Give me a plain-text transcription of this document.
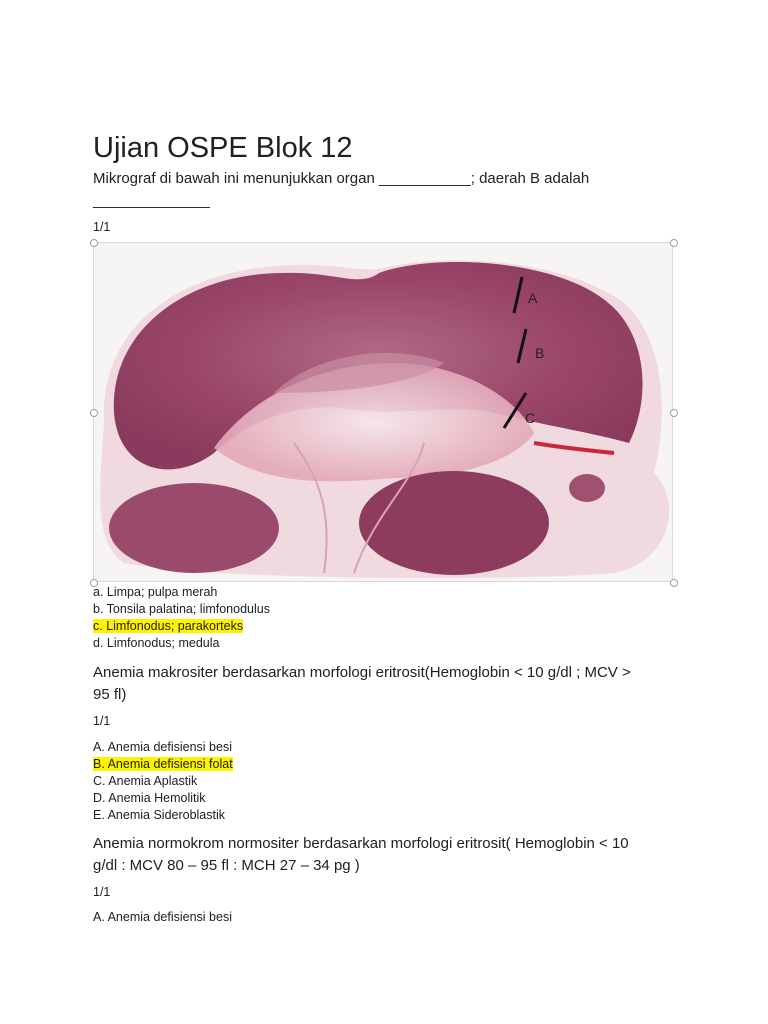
Ujian OSPE Blok 12

Mikrograf di bawah ini menunjukkan organ ___________; daerah B adalah
______________

1/1
A
B
C
a. Limpa; pulpa merah
b. Tonsila palatina; limfonodulus
c. Limfonodus; parakorteks
d. Limfonodus; medula

Anemia makrositer berdasarkan morfologi eritrosit(Hemoglobin < 10 g/dl ; MCV >
95 fl)

1/1
A. Anemia defisiensi besi
B. Anemia defisiensi folat
C. Anemia Aplastik
D. Anemia Hemolitik
E. Anemia Sideroblastik

Anemia normokrom normositer berdasarkan morfologi eritrosit( Hemoglobin < 10
g/dl : MCV 80 – 95 fl : MCH 27 – 34 pg )

1/1
A. Anemia defisiensi besi
